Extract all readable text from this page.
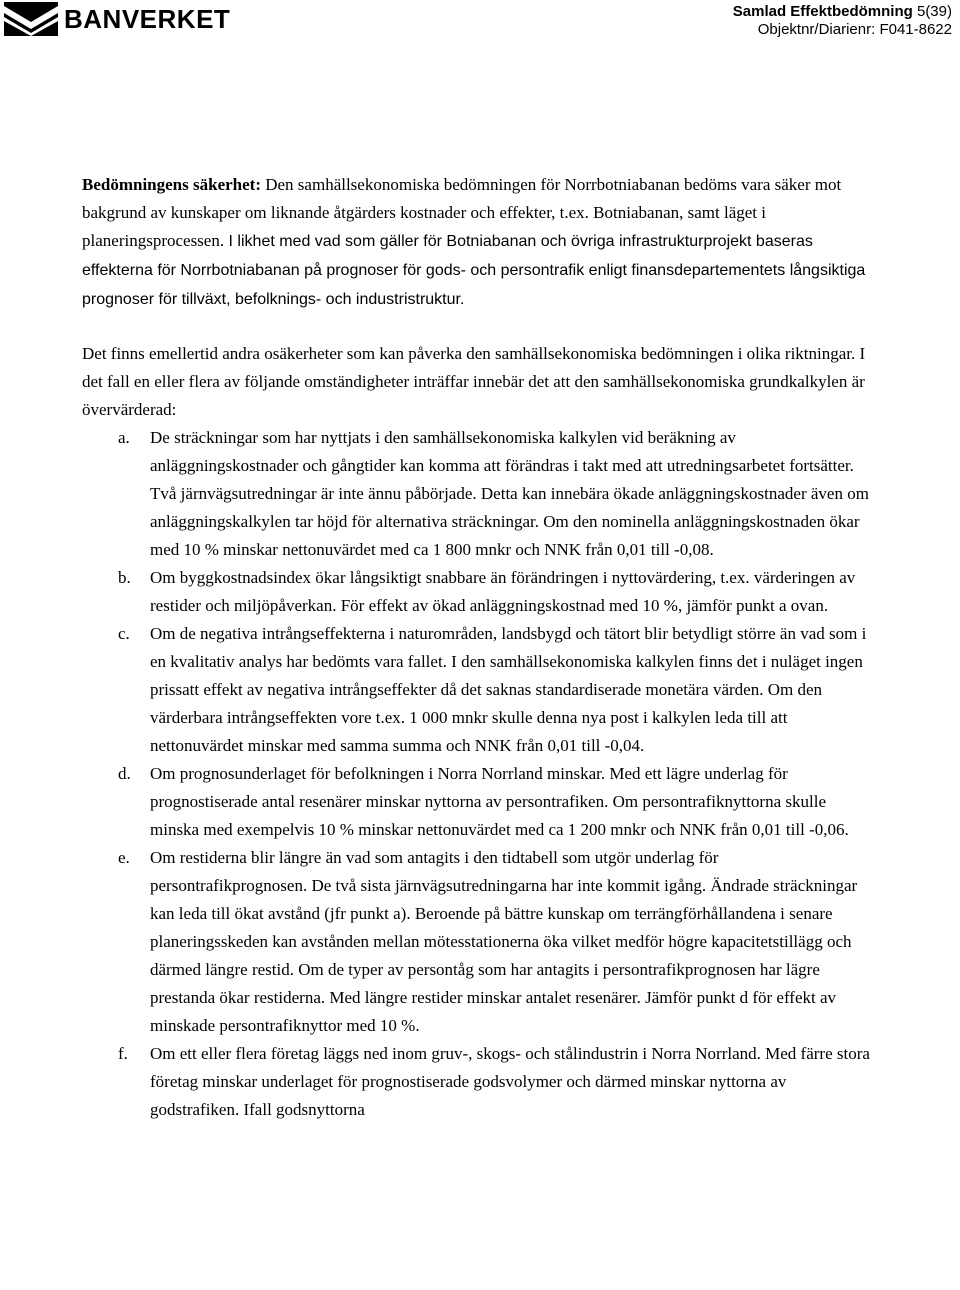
BANVERKET	Samlad Effektbedömning 5(39)
Objektnr/Diarienr: F041-8622

Bedömningens säkerhet: Den samhällsekonomiska bedömningen för Norrbotniabanan bedöms vara säker mot bakgrund av kunskaper om liknande åtgärders kostnader och effekter, t.ex. Botniabanan, samt läget i planeringsprocessen. I likhet med vad som gäller för Botniabanan och övriga infrastrukturprojekt baseras effekterna för Norrbotniabanan på prognoser för gods- och persontrafik enligt finansdepartementets långsiktiga prognoser för tillväxt, befolknings- och industristruktur.

Det finns emellertid andra osäkerheter som kan påverka den samhällsekonomiska bedömningen i olika riktningar. I det fall en eller flera av följande omständigheter inträffar innebär det att den samhällsekonomiska grundkalkylen är övervärderad:

a. De sträckningar som har nyttjats i den samhällsekonomiska kalkylen vid beräkning av anläggningskostnader och gångtider kan komma att förändras i takt med att utredningsarbetet fortsätter. Två järnvägsutredningar är inte ännu påbörjade. Detta kan innebära ökade anläggningskostnader även om anläggningskalkylen tar höjd för alternativa sträckningar. Om den nominella anläggningskostnaden ökar med 10 % minskar nettonuvärdet med ca 1 800 mnkr och NNK från 0,01 till -0,08.
b. Om byggkostnadsindex ökar långsiktigt snabbare än förändringen i nyttovärdering, t.ex. värderingen av restider och miljöpåverkan. För effekt av ökad anläggningskostnad med 10 %, jämför punkt a ovan.
c. Om de negativa intrångseffekterna i naturområden, landsbygd och tätort blir betydligt större än vad som i en kvalitativ analys har bedömts vara fallet. I den samhällsekonomiska kalkylen finns det i nuläget ingen prissatt effekt av negativa intrångseffekter då det saknas standardiserade monetära värden. Om den värderbara intrångseffekten vore t.ex. 1 000 mnkr skulle denna nya post i kalkylen leda till att nettonuvärdet minskar med samma summa och NNK från 0,01 till -0,04.
d. Om prognosunderlaget för befolkningen i Norra Norrland minskar. Med ett lägre underlag för prognostiserade antal resenärer minskar nyttorna av persontrafiken. Om persontrafiknyttorna skulle minska med exempelvis 10 % minskar nettonuvärdet med ca 1 200 mnkr och NNK från 0,01 till -0,06.
e. Om restiderna blir längre än vad som antagits i den tidtabell som utgör underlag för persontrafikprognosen. De två sista järnvägsutredningarna har inte kommit igång. Ändrade sträckningar kan leda till ökat avstånd (jfr punkt a). Beroende på bättre kunskap om terrängförhållandena i senare planeringsskeden kan avstånden mellan mötesstationerna öka vilket medför högre kapacitetstillägg och därmed längre restid. Om de typer av persontåg som har antagits i persontrafikprognosen har lägre prestanda ökar restiderna. Med längre restider minskar antalet resenärer. Jämför punkt d för effekt av minskade persontrafiknyttor med 10 %.
f. Om ett eller flera företag läggs ned inom gruv-, skogs- och stålindustrin i Norra Norrland. Med färre stora företag minskar underlaget för prognostiserade godsvolymer och därmed minskar nyttorna av godstrafiken. Ifall godsnyttorna
